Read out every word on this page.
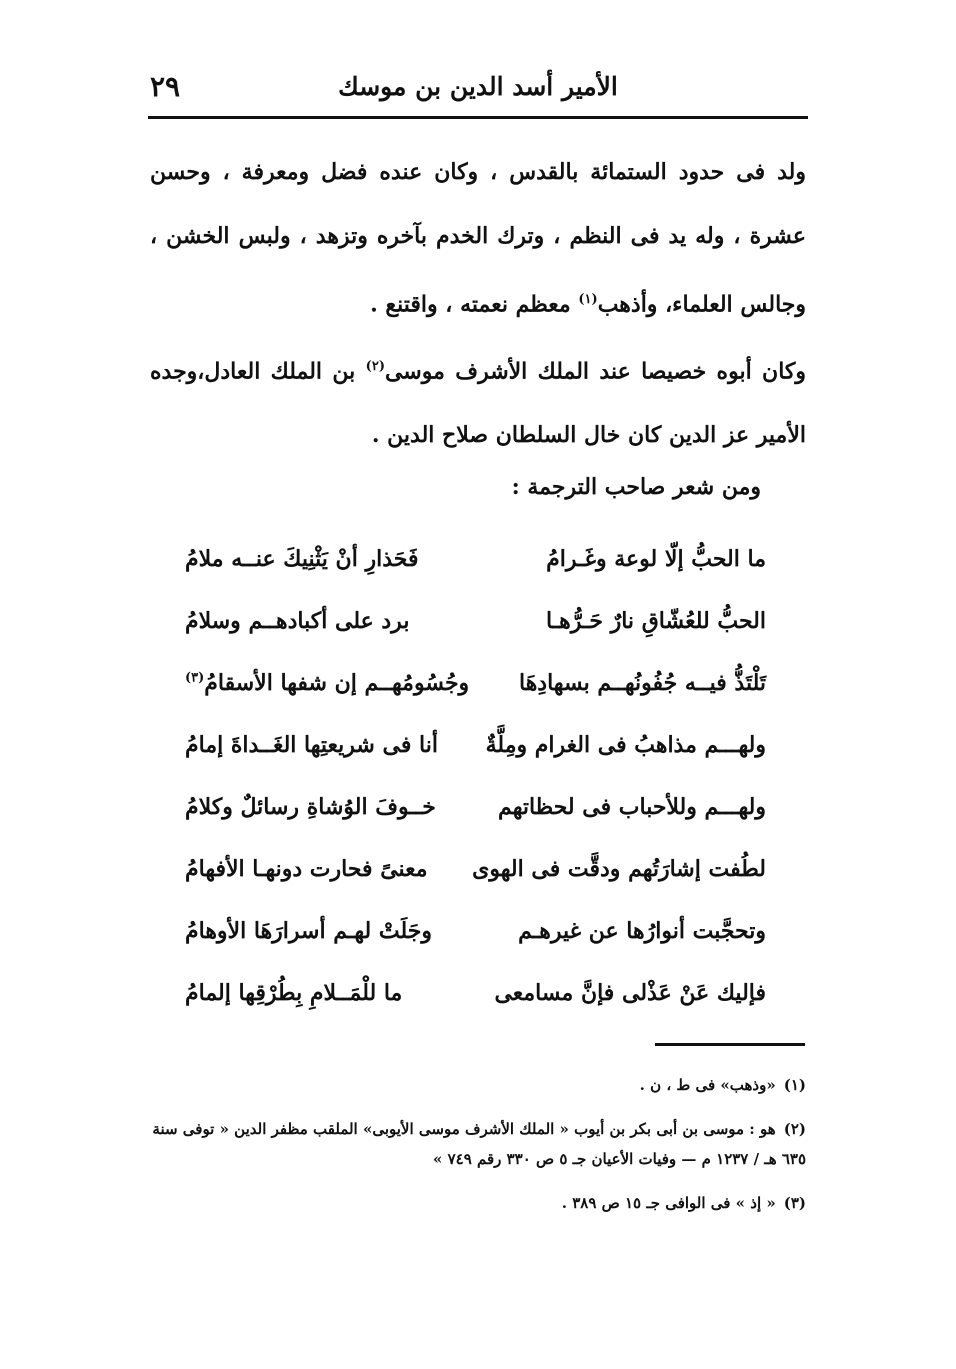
٢٩	الأمير أسد الدين بن موسك

ولد فى حدود الستمائة بالقدس ، وكان عنده فضل ومعرفة ، وحسن عشرة ، وله يد فى النظم ، وترك الخدم بآخره وتزهد ، ولبس الخشن ، وجالس العلماء، وأذهب$^{(١)}$ معظم نعمته ، واقتنع .

وكان أبوه خصيصا عند الملك الأشرف موسى$^{(٢)}$ بن الملك العادل،وجده الأمير عز الدين كان خال السلطان صلاح الدين .

ومن شعر صاحب الترجمة :
ما الحبُّ إلّا لوعة وغَـرامُ
فَحَذارِ أنْ يَثْنِيكَ عنــه ملامُ
الحبُّ للعُشّاقِ نارٌ حَـرُّهـا
برد على أكبادهــم وسلامُ
تَلْتَذُّ فيــه جُفُونُهــم بسهادِهَا
وجُسُومُهــم إن شفها الأسقامُ$^{(٣)}$
ولهـــم مذاهبُ فى الغرام ومِلَّةٌ
أنا فى شريعتِها الغَــداةَ إمامُ
ولهـــم وللأحباب فى لحظاتهم
خــوفَ الوُشاةِ رسائلٌ وكلامُ
لطُفت إشارَتُهم ودقَّت فى الهوى
معنىً فحارت دونهـا الأفهامُ
وتحجَّبت أنوارُها عن غيرهـم
وجَلَتْ لهـم أسرارَهَا الأوهامُ
فإليك عَنْ عَذْلى فإنَّ مسامعى
ما للْمَــلامِ بِطُرْقِها إلمامُ

(١)«وذهب» فى ط ، ن .

(٢)هو : موسى بن أبى بكر بن أيوب « الملك الأشرف موسى الأيوبى» الملقب مظفر الدين « توفى سنة ٦٣٥ هـ / ١٢٣٧ م — وفيات الأعيان جـ ٥ ص ٣٣٠ رقم ٧٤٩ »

(٣)« إذ » فى الوافى جـ ١٥ ص ٣٨٩ .
